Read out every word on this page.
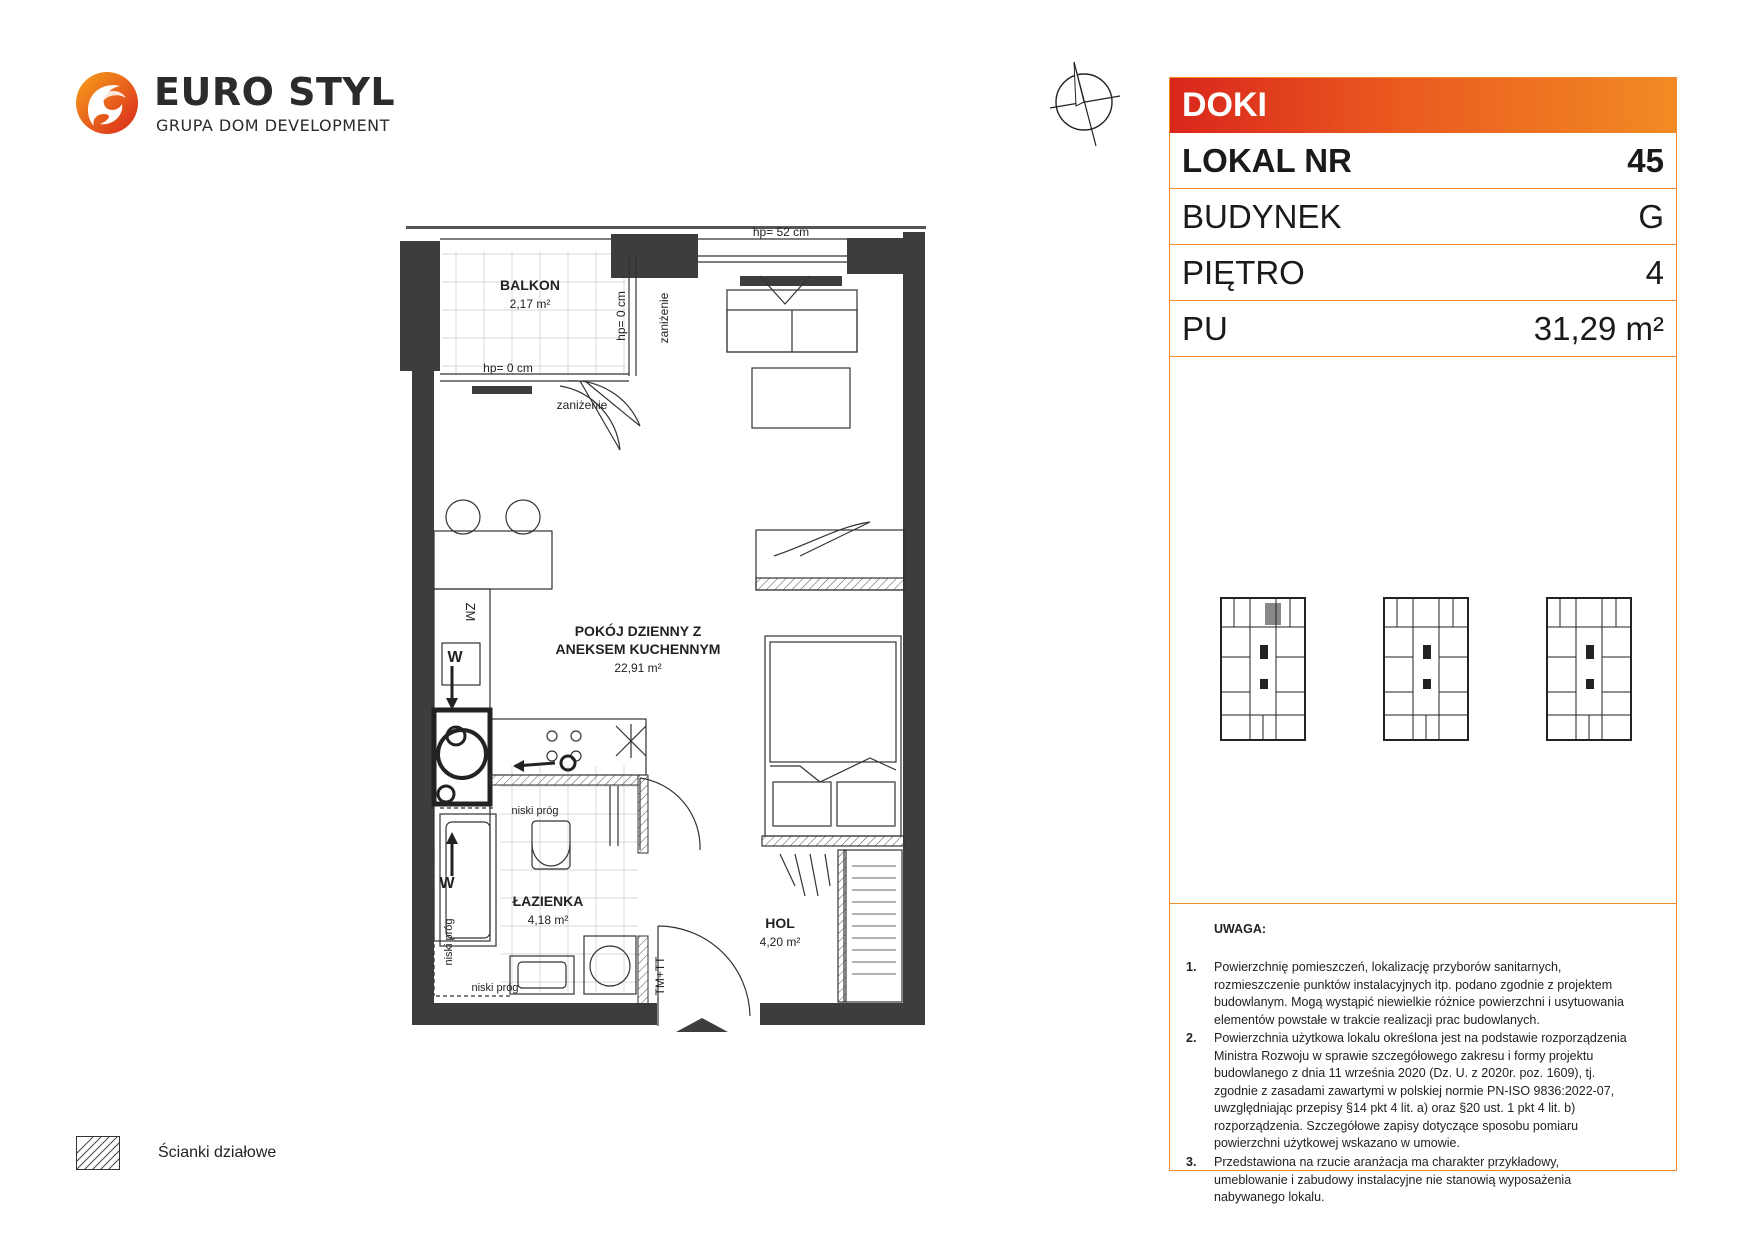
EURO STYL
GRUPA DOM DEVELOPMENT
BALKON
2,17 m²
POKÓJ DZIENNY Z
ANEKSEM KUCHENNYM
22,91 m²
ŁAZIENKA
4,18 m²	HOL
4,20 m²
hp= 52 cm
hp= 0 cm
hp= 0 cm
zaniżenie
zaniżenie
niski próg
niski próg
niski próg
ZM
W
W
TM+TT
DOKI
LOKAL NR	45
BUDYNEK	G
PIĘTRO	4
PU	31,29 m²
UWAGA:
1. Powierzchnię pomieszczeń, lokalizację przyborów sanitarnych,
rozmieszczenie punktów instalacyjnych itp. podano zgodnie z projektem
budowlanym. Mogą wystąpić niewielkie różnice powierzchni i usytuowania
elementów powstałe w trakcie realizacji prac budowlanych.
2. Powierzchnia użytkowa lokalu określona jest na podstawie rozporządzenia
Ministra Rozwoju w sprawie szczegółowego zakresu i formy projektu
budowlanego z dnia 11 września 2020 (Dz. U. z 2020r. poz. 1609), tj.
zgodnie z zasadami zawartymi w polskiej normie PN-ISO 9836:2022-07,
uwzględniając przepisy §14 pkt 4 lit. a) oraz §20 ust. 1 pkt 4 lit. b)
rozporządzenia. Szczegółowe zapisy dotyczące sposobu pomiaru
powierzchni użytkowej wskazano w umowie.
3. Przedstawiona na rzucie aranżacja ma charakter przykładowy,
umeblowanie i zabudowy instalacyjne nie stanowią wyposażenia
nabywanego lokalu.
Ścianki działowe
